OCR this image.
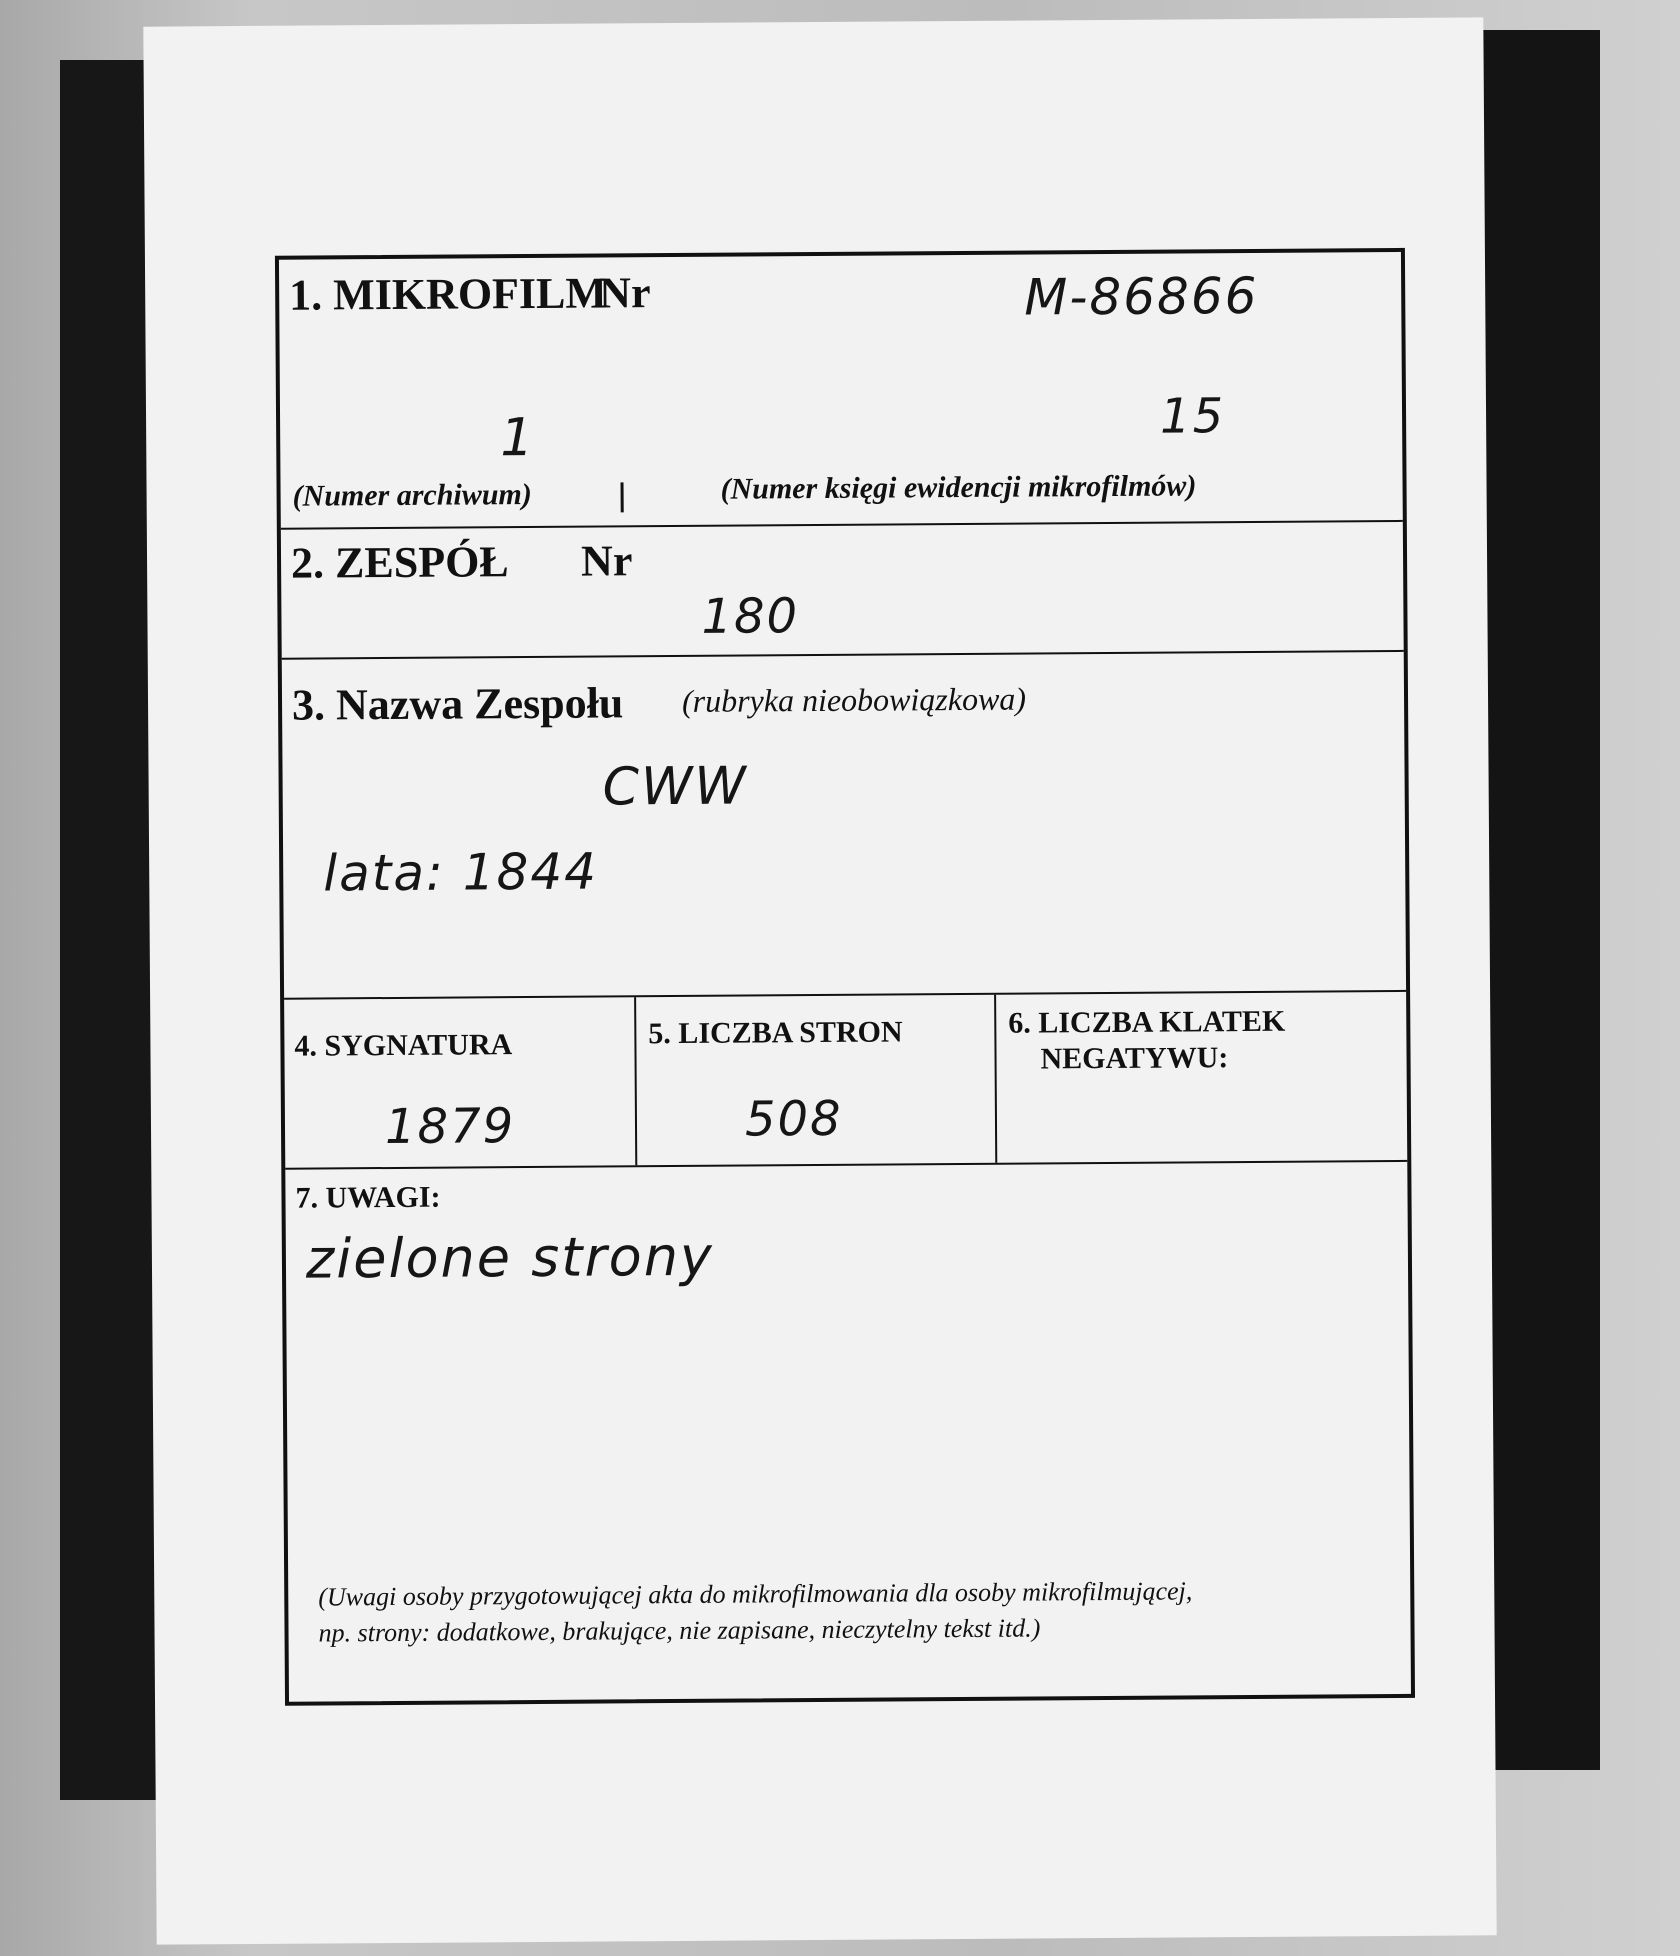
1. MIKROFILM
Nr	M-86866
1	15
(Numer archiwum)	(Numer księgi ewidencji mikrofilmów)
2. ZESPÓŁ Nr
180
3. Nazwa Zespołu (rubryka nieobowiązkowa)
CWW
lata: 1844
4. SYGNATURA
1879
5. LICZBA STRON
508
6. LICZBA KLATEK
NEGATYWU:
7. UWAGI:
zielone strony
(Uwagi osoby przygotowującej akta do mikrofilmowania dla osoby mikrofilmującej,
np. strony: dodatkowe, brakujące, nie zapisane, nieczytelny tekst itd.)
